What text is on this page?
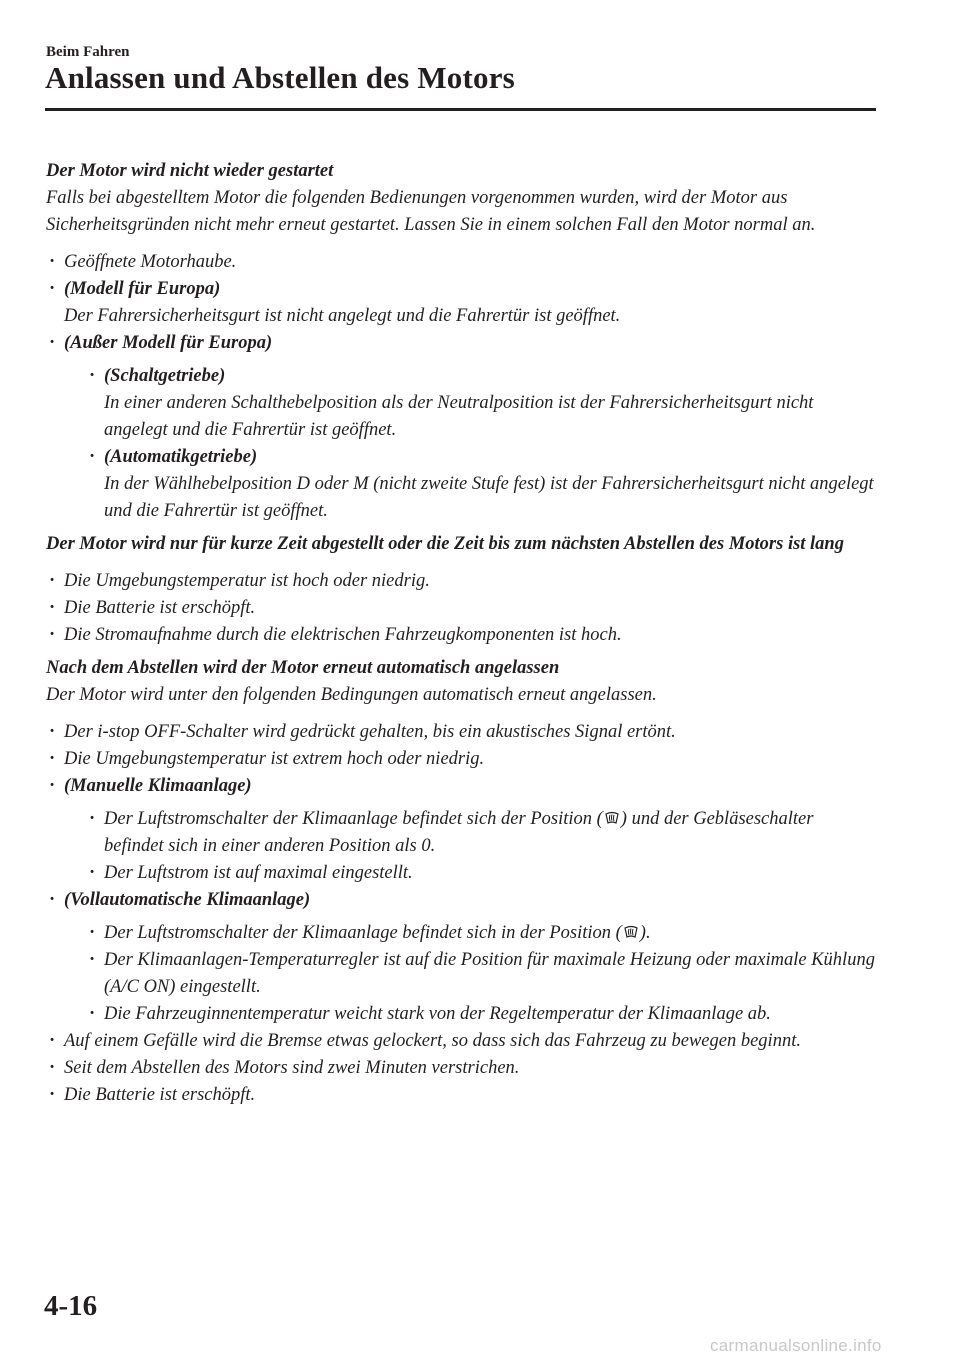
Beim Fahren

Anlassen und Abstellen des Motors

Der Motor wird nicht wieder gestartet

Falls bei abgestelltem Motor die folgenden Bedienungen vorgenommen wurden, wird der Motor aus Sicherheitsgründen nicht mehr erneut gestartet. Lassen Sie in einem solchen Fall den Motor normal an.

· Geöffnete Motorhaube.
· (Modell für Europa)
Der Fahrersicherheitsgurt ist nicht angelegt und die Fahrertür ist geöffnet.
· (Außer Modell für Europa)
· (Schaltgetriebe)
In einer anderen Schalthebelposition als der Neutralposition ist der Fahrersicherheitsgurt nicht angelegt und die Fahrertür ist geöffnet.
· (Automatikgetriebe)
In der Wählhebelposition D oder M (nicht zweite Stufe fest) ist der Fahrersicherheitsgurt nicht angelegt und die Fahrertür ist geöffnet.

Der Motor wird nur für kurze Zeit abgestellt oder die Zeit bis zum nächsten Abstellen des Motors ist lang

· Die Umgebungstemperatur ist hoch oder niedrig.
· Die Batterie ist erschöpft.
· Die Stromaufnahme durch die elektrischen Fahrzeugkomponenten ist hoch.

Nach dem Abstellen wird der Motor erneut automatisch angelassen

Der Motor wird unter den folgenden Bedingungen automatisch erneut angelassen.

· Der i-stop OFF-Schalter wird gedrückt gehalten, bis ein akustisches Signal ertönt.
· Die Umgebungstemperatur ist extrem hoch oder niedrig.
· (Manuelle Klimaanlage)
· Der Luftstromschalter der Klimaanlage befindet sich der Position ( ) und der Gebläseschalter befindet sich in einer anderen Position als 0.
· Der Luftstrom ist auf maximal eingestellt.
· (Vollautomatische Klimaanlage)
· Der Luftstromschalter der Klimaanlage befindet sich in der Position ( ).
· Der Klimaanlagen-Temperaturregler ist auf die Position für maximale Heizung oder maximale Kühlung (A/C ON) eingestellt.
· Die Fahrzeuginnentemperatur weicht stark von der Regeltemperatur der Klimaanlage ab.
· Auf einem Gefälle wird die Bremse etwas gelockert, so dass sich das Fahrzeug zu bewegen beginnt.
· Seit dem Abstellen des Motors sind zwei Minuten verstrichen.
· Die Batterie ist erschöpft.

4-16

carmanualsonline.info
